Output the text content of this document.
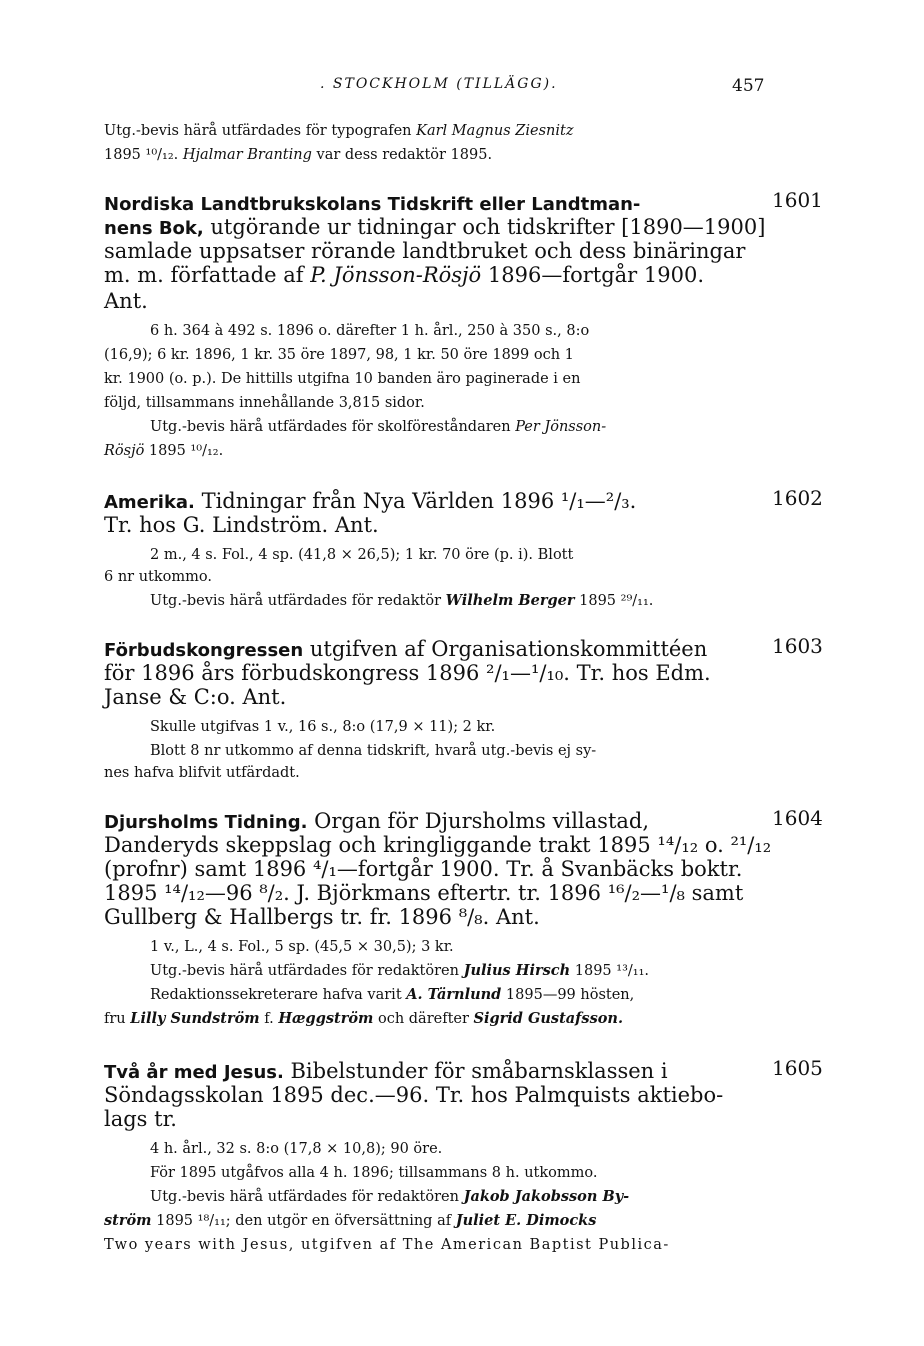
. STOCKHOLM (TILLÄGG).	457
Utg.-bevis härå utfärdades för typografen Karl Magnus Ziesnitz
1895 ¹⁰/₁₂. Hjalmar Branting var dess redaktör 1895.
1601
Nordiska Landtbrukskolans Tidskrift eller Landtman-
nens Bok, utgörande ur tidningar och tidskrifter [1890—1900]
samlade uppsatser rörande landtbruket och dess binäringar
m. m. författade af P. Jönsson-Rösjö 1896—fortgår 1900.
Ant.
6 h. 364 à 492 s. 1896 o. därefter 1 h. årl., 250 à 350 s., 8:o
(16,9); 6 kr. 1896, 1 kr. 35 öre 1897, 98, 1 kr. 50 öre 1899 och 1
kr. 1900 (o. p.). De hittills utgifna 10 banden äro paginerade i en
följd, tillsammans innehållande 3,815 sidor.
Utg.-bevis härå utfärdades för skolföreståndaren Per Jönsson-
Rösjö 1895 ¹⁰/₁₂.
1602
Amerika. Tidningar från Nya Världen 1896 ¹/₁—²/₃.
Tr. hos G. Lindström. Ant.
2 m., 4 s. Fol., 4 sp. (41,8 × 26,5); 1 kr. 70 öre (p. i). Blott
6 nr utkommo.
Utg.-bevis härå utfärdades för redaktör Wilhelm Berger 1895 ²⁹/₁₁.
1603
Förbudskongressen utgifven af Organisationskommittéen
för 1896 års förbudskongress 1896 ²/₁—¹/₁₀. Tr. hos Edm.
Janse & C:o. Ant.
Skulle utgifvas 1 v., 16 s., 8:o (17,9 × 11); 2 kr.
Blott 8 nr utkommo af denna tidskrift, hvarå utg.-bevis ej sy-
nes hafva blifvit utfärdadt.
1604
Djursholms Tidning. Organ för Djursholms villastad,
Danderyds skeppslag och kringliggande trakt 1895 ¹⁴/₁₂ o. ²¹/₁₂
(profnr) samt 1896 ⁴/₁—fortgår 1900. Tr. å Svanbäcks boktr.
1895 ¹⁴/₁₂—96 ⁸/₂. J. Björkmans eftertr. tr. 1896 ¹⁶/₂—¹/₈ samt
Gullberg & Hallbergs tr. fr. 1896 ⁸/₈. Ant.
1 v., L., 4 s. Fol., 5 sp. (45,5 × 30,5); 3 kr.
Utg.-bevis härå utfärdades för redaktören Julius Hirsch 1895 ¹³/₁₁.
Redaktionssekreterare hafva varit A. Tärnlund 1895—99 hösten,
fru Lilly Sundström f. Hæggström och därefter Sigrid Gustafsson.
1605
Två år med Jesus. Bibelstunder för småbarnsklassen i
Söndagsskolan 1895 dec.—96. Tr. hos Palmquists aktiebo-
lags tr.
4 h. årl., 32 s. 8:o (17,8 × 10,8); 90 öre.
För 1895 utgåfvos alla 4 h. 1896; tillsammans 8 h. utkommo.
Utg.-bevis härå utfärdades för redaktören Jakob Jakobsson By-
ström 1895 ¹⁸/₁₁; den utgör en öfversättning af Juliet E. Dimocks
Two years with Jesus, utgifven af The American Baptist Publica-
